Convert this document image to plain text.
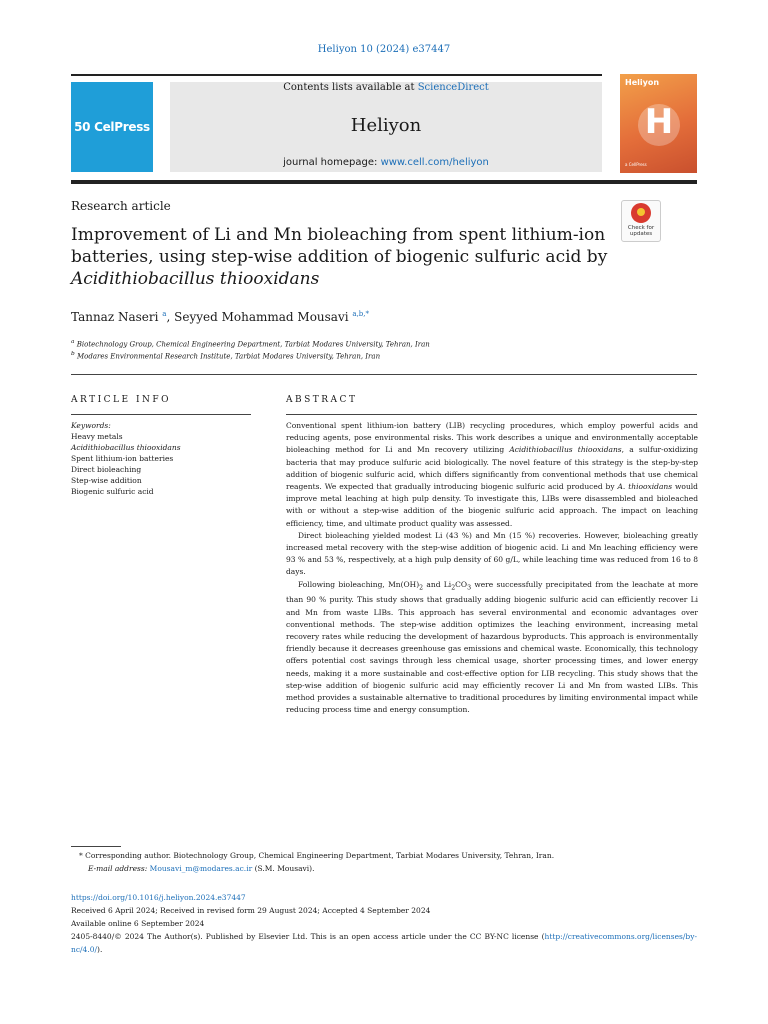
Heliyon 10 (2024) e37447
50 CelPress
Contents lists available at ScienceDirect
Heliyon
journal homepage: www.cell.com/heliyon
Heliyon
H
a CellPress
Research article
Check for updates
Improvement of Li and Mn bioleaching from spent lithium-ion
batteries, using step-wise addition of biogenic sulfuric acid by
Acidithiobacillus thiooxidans
Tannaz Naseri $^a$, Seyyed Mohammad Mousavi $^{a,b,*}$
$^a$ Biotechnology Group, Chemical Engineering Department, Tarbiat Modares University, Tehran, Iran
$^b$ Modares Environmental Research Institute, Tarbiat Modares University, Tehran, Iran
ARTICLE INFO	ABSTRACT
Keywords:
Heavy metals
Acidithiobacillus thiooxidans
Spent lithium-ion batteries
Direct bioleaching
Step-wise addition
Biogenic sulfuric acid

Conventional spent lithium-ion battery (LIB) recycling procedures, which employ powerful acids and reducing agents, pose environmental risks. This work describes a unique and environmentally acceptable bioleaching method for Li and Mn recovery utilizing Acidithiobacillus thiooxidans, a sulfur-oxidizing bacteria that may produce sulfuric acid biologically. The novel feature of this strategy is the step-by-step addition of biogenic sulfuric acid, which differs significantly from conventional methods that use chemical reagents. We expected that gradually introducing biogenic sulfuric acid produced by A. thiooxidans would improve metal leaching at high pulp density. To investigate this, LIBs were disassembled and bioleached with or without a step-wise addition of the biogenic sulfuric acid approach. The impact on leaching efficiency, time, and ultimate product quality was assessed.

Direct bioleaching yielded modest Li (43 %) and Mn (15 %) recoveries. However, bioleaching greatly increased metal recovery with the step-wise addition of biogenic acid. Li and Mn leaching efficiency were 93 % and 53 %, respectively, at a high pulp density of 60 g/L, while leaching time was reduced from 16 to 8 days.

Following bioleaching, $Mn(OH)_2$ and $Li_2CO_3$ were successfully precipitated from the leachate at more than 90 % purity. This study shows that gradually adding biogenic sulfuric acid can efficiently recover Li and Mn from waste LIBs. This approach has several environmental and economic advantages over conventional methods. The step-wise addition optimizes the leaching environment, increasing metal recovery rates while reducing the development of hazardous byproducts. This approach is environmentally friendly because it decreases greenhouse gas emissions and chemical waste. Economically, this technology offers potential cost savings through less chemical usage, shorter processing times, and lower energy needs, making it a more sustainable and cost-effective option for LIB recycling. This study shows that the step-wise addition of biogenic sulfuric acid may efficiently recover Li and Mn from wasted LIBs. This method provides a sustainable alternative to traditional procedures by limiting environmental impact while reducing process time and energy consumption.

* Corresponding author. Biotechnology Group, Chemical Engineering Department, Tarbiat Modares University, Tehran, Iran.
E-mail address: Mousavi_m@modares.ac.ir (S.M. Mousavi).
https://doi.org/10.1016/j.heliyon.2024.e37447
Received 6 April 2024; Received in revised form 29 August 2024; Accepted 4 September 2024
Available online 6 September 2024
2405-8440/© 2024 The Author(s). Published by Elsevier Ltd. This is an open access article under the CC BY-NC license (http://creativecommons.org/licenses/by-nc/4.0/).
